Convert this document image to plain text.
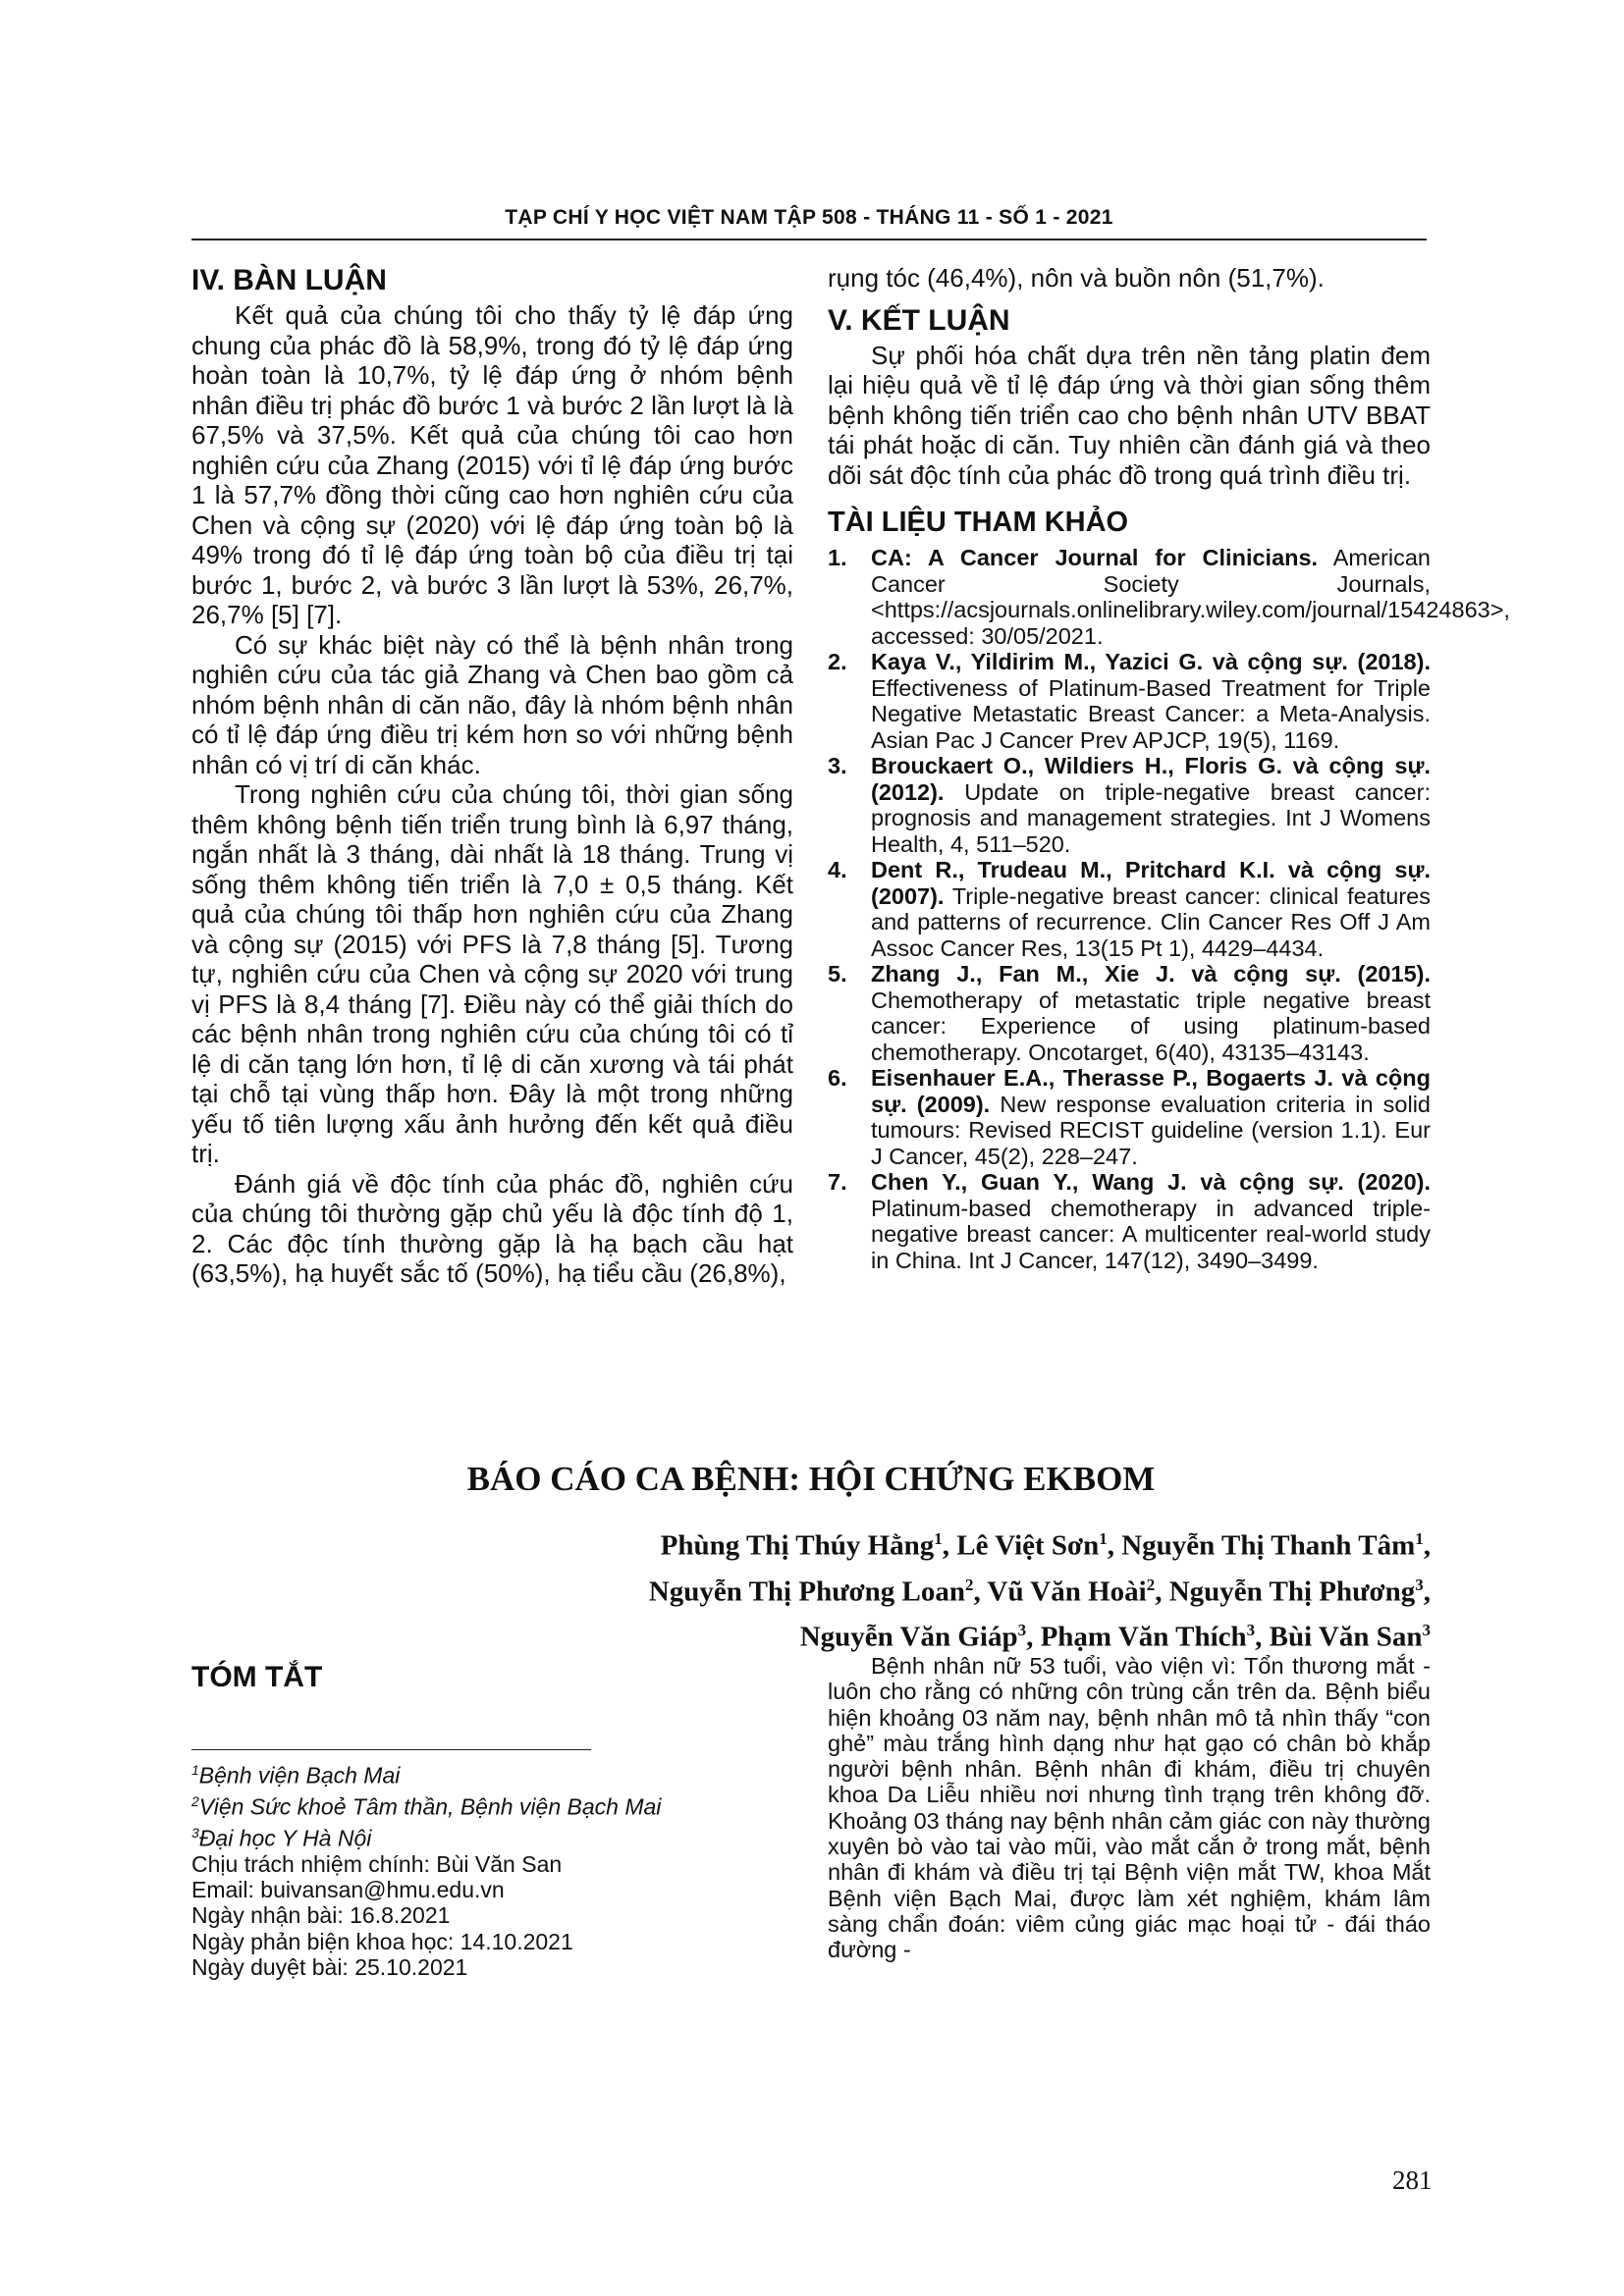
TẠP CHÍ Y HỌC VIỆT NAM TẬP 508 - THÁNG 11 - SỐ 1 - 2021
IV. BÀN LUẬN

Kết quả của chúng tôi cho thấy tỷ lệ đáp ứng chung của phác đồ là 58,9%, trong đó tỷ lệ đáp ứng hoàn toàn là 10,7%, tỷ lệ đáp ứng ở nhóm bệnh nhân điều trị phác đồ bước 1 và bước 2 lần lượt là là 67,5% và 37,5%. Kết quả của chúng tôi cao hơn nghiên cứu của Zhang (2015) với tỉ lệ đáp ứng bước 1 là 57,7% đồng thời cũng cao hơn nghiên cứu của Chen và cộng sự (2020) với lệ đáp ứng toàn bộ là 49% trong đó tỉ lệ đáp ứng toàn bộ của điều trị tại bước 1, bước 2, và bước 3 lần lượt là 53%, 26,7%, 26,7% [5] [7].

Có sự khác biệt này có thể là bệnh nhân trong nghiên cứu của tác giả Zhang và Chen bao gồm cả nhóm bệnh nhân di căn não, đây là nhóm bệnh nhân có tỉ lệ đáp ứng điều trị kém hơn so với những bệnh nhân có vị trí di căn khác.

Trong nghiên cứu của chúng tôi, thời gian sống thêm không bệnh tiến triển trung bình là 6,97 tháng, ngắn nhất là 3 tháng, dài nhất là 18 tháng. Trung vị sống thêm không tiến triển là 7,0 ± 0,5 tháng. Kết quả của chúng tôi thấp hơn nghiên cứu của Zhang và cộng sự (2015) với PFS là 7,8 tháng [5]. Tương tự, nghiên cứu của Chen và cộng sự 2020 với trung vị PFS là 8,4 tháng [7]. Điều này có thể giải thích do các bệnh nhân trong nghiên cứu của chúng tôi có tỉ lệ di căn tạng lớn hơn, tỉ lệ di căn xương và tái phát tại chỗ tại vùng thấp hơn. Đây là một trong những yếu tố tiên lượng xấu ảnh hưởng đến kết quả điều trị.

Đánh giá về độc tính của phác đồ, nghiên cứu của chúng tôi thường gặp chủ yếu là độc tính độ 1, 2. Các độc tính thường gặp là hạ bạch cầu hạt (63,5%), hạ huyết sắc tố (50%), hạ tiểu cầu (26,8%),

rụng tóc (46,4%), nôn và buồn nôn (51,7%).

V. KẾT LUẬN

Sự phối hóa chất dựa trên nền tảng platin đem lại hiệu quả về tỉ lệ đáp ứng và thời gian sống thêm bệnh không tiến triển cao cho bệnh nhân UTV BBAT tái phát hoặc di căn. Tuy nhiên cần đánh giá và theo dõi sát độc tính của phác đồ trong quá trình điều trị.

TÀI LIỆU THAM KHẢO
1. CA: A Cancer Journal for Clinicians. American Cancer Society Journals, <https://acsjournals.onlinelibrary.wiley.com/journal/15424863>, accessed: 30/05/2021.
2. Kaya V., Yildirim M., Yazici G. và cộng sự. (2018). Effectiveness of Platinum-Based Treatment for Triple Negative Metastatic Breast Cancer: a Meta-Analysis. Asian Pac J Cancer Prev APJCP, 19(5), 1169.
3. Brouckaert O., Wildiers H., Floris G. và cộng sự. (2012). Update on triple-negative breast cancer: prognosis and management strategies. Int J Womens Health, 4, 511–520.
4. Dent R., Trudeau M., Pritchard K.I. và cộng sự. (2007). Triple-negative breast cancer: clinical features and patterns of recurrence. Clin Cancer Res Off J Am Assoc Cancer Res, 13(15 Pt 1), 4429–4434.
5. Zhang J., Fan M., Xie J. và cộng sự. (2015). Chemotherapy of metastatic triple negative breast cancer: Experience of using platinum-based chemotherapy. Oncotarget, 6(40), 43135–43143.
6. Eisenhauer E.A., Therasse P., Bogaerts J. và cộng sự. (2009). New response evaluation criteria in solid tumours: Revised RECIST guideline (version 1.1). Eur J Cancer, 45(2), 228–247.
7. Chen Y., Guan Y., Wang J. và cộng sự. (2020). Platinum-based chemotherapy in advanced triple-negative breast cancer: A multicenter real-world study in China. Int J Cancer, 147(12), 3490–3499.
BÁO CÁO CA BỆNH: HỘI CHỨNG EKBOM
Phùng Thị Thúy Hằng$^1$, Lê Việt Sơn$^1$, Nguyễn Thị Thanh Tâm$^1$,
Nguyễn Thị Phương Loan$^2$, Vũ Văn Hoài$^2$, Nguyễn Thị Phương$^3$,
Nguyễn Văn Giáp$^3$, Phạm Văn Thích$^3$, Bùi Văn San$^3$
TÓM TẮT	Bệnh nhân nữ 53 tuổi, vào viện vì: Tổn thương mắt - luôn cho rằng có những côn trùng cắn trên da. Bệnh biểu hiện khoảng 03 năm nay, bệnh nhân mô tả nhìn thấy “con ghẻ” màu trắng hình dạng như hạt gạo có chân bò khắp người bệnh nhân. Bệnh nhân đi khám, điều trị chuyên khoa Da Liễu nhiều nơi nhưng tình trạng trên không đỡ. Khoảng 03 tháng nay bệnh nhân cảm giác con này thường xuyên bò vào tai vào mũi, vào mắt cắn ở trong mắt, bệnh nhân đi khám và điều trị tại Bệnh viện mắt TW, khoa Mắt Bệnh viện Bạch Mai, được làm xét nghiệm, khám lâm sàng chẩn đoán: viêm củng giác mạc hoại tử - đái tháo đường -

$^1$Bệnh viện Bạch Mai
$^2$Viện Sức khoẻ Tâm thần, Bệnh viện Bạch Mai
$^3$Đại học Y Hà Nội
Chịu trách nhiệm chính: Bùi Văn San
Email: buivansan@hmu.edu.vn
Ngày nhận bài: 16.8.2021
Ngày phản biện khoa học: 14.10.2021
Ngày duyệt bài: 25.10.2021
281
